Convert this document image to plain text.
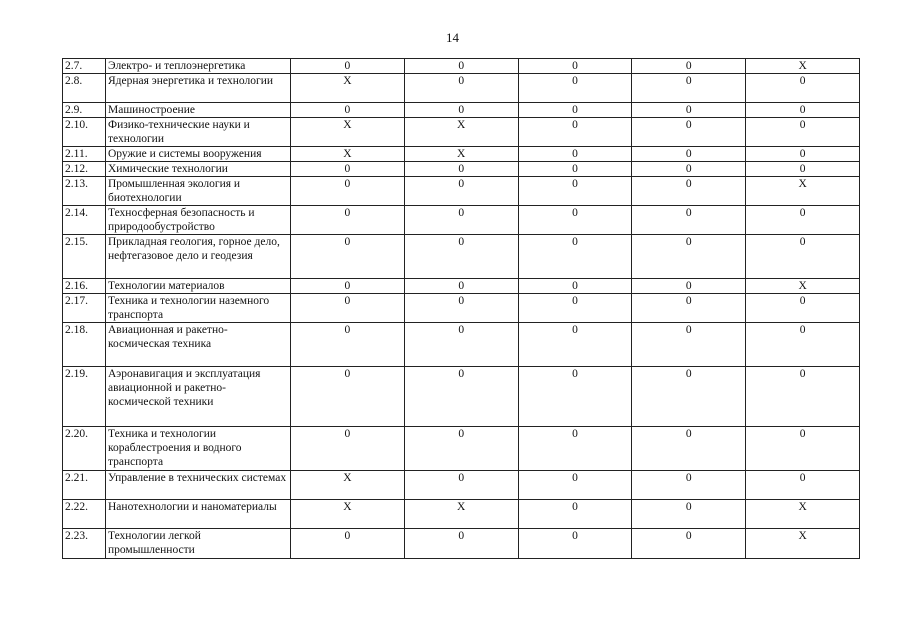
14
2.7.	Электро- и теплоэнергетика	0	0	0	0	X
2.8.	Ядерная энергетика и технологии	X	0	0	0	0
2.9.	Машиностроение	0	0	0	0	0
2.10.	Физико-технические науки и технологии	X	X	0	0	0
2.11.	Оружие и системы вооружения	X	X	0	0	0
2.12.	Химические технологии	0	0	0	0	0
2.13.	Промышленная экология и биотехнологии	0	0	0	0	X
2.14.	Техносферная безопасность и природообустройство	0	0	0	0	0
2.15.	Прикладная геология, горное дело, нефтегазовое дело и геодезия	0	0	0	0	0
2.16.	Технологии материалов	0	0	0	0	X
2.17.	Техника и технологии наземного транспорта	0	0	0	0	0
2.18.	Авиационная и ракетно-космическая техника	0	0	0	0	0
2.19.	Аэронавигация и эксплуатация авиационной и ракетно-космической техники	0	0	0	0	0
2.20.	Техника и технологии кораблестроения и водного транспорта	0	0	0	0	0
2.21.	Управление в технических системах	X	0	0	0	0
2.22.	Нанотехнологии и наноматериалы	X	X	0	0	X
2.23.	Технологии легкой промышленности	0	0	0	0	X
